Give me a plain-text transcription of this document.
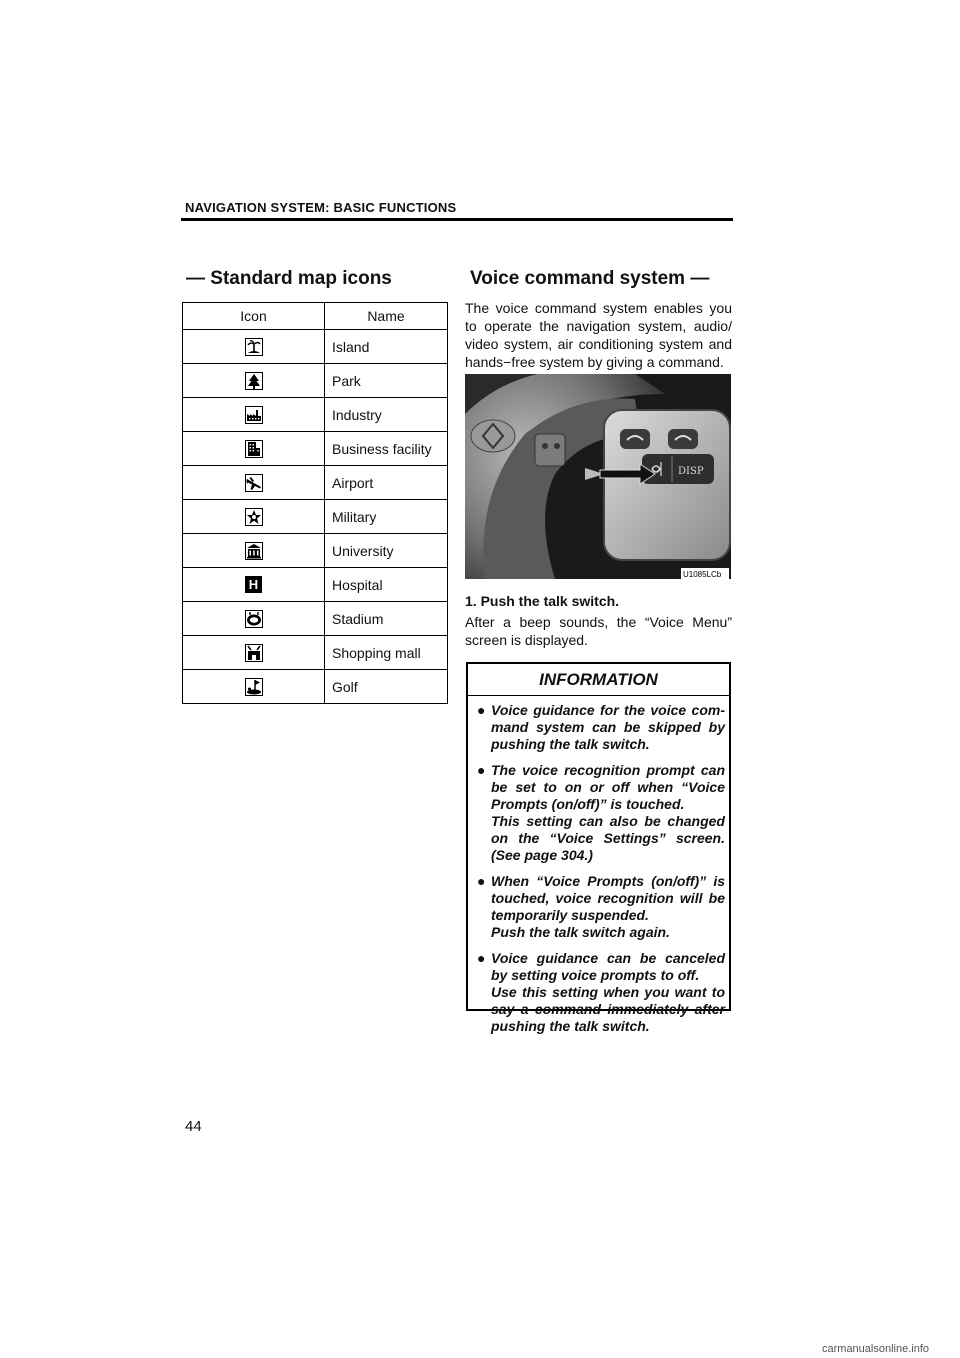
NAVIGATION SYSTEM: BASIC FUNCTIONS
— Standard map icons	Voice command system —
Icon	Name

	Island

	Park

	Industry

	Business facility

	Airport

	Military

	University
H	Hospital

	Stadium

	Shopping mall

	Golf
The voice command system enables you to operate the navigation system, audio/ video system, air conditioning system and hands−free system by giving a command.
DISP
U1085LCb
1. Push the talk switch.
After a beep sounds, the “Voice Menu” screen is displayed.
INFORMATION
● Voice guidance for the voice com- mand system can be skipped by pushing the talk switch.
● The voice recognition prompt can be set to on or off when “Voice Prompts (on/off)” is touched.
This setting can also be changed on the “Voice Settings” screen. (See page 304.)
● When “Voice Prompts (on/off)” is touched, voice recognition will be temporarily suspended.
Push the talk switch again.
● Voice guidance can be canceled by setting voice prompts to off.
Use this setting when you want to say a command immediately after pushing the talk switch.
44
carmanualsonline.info
